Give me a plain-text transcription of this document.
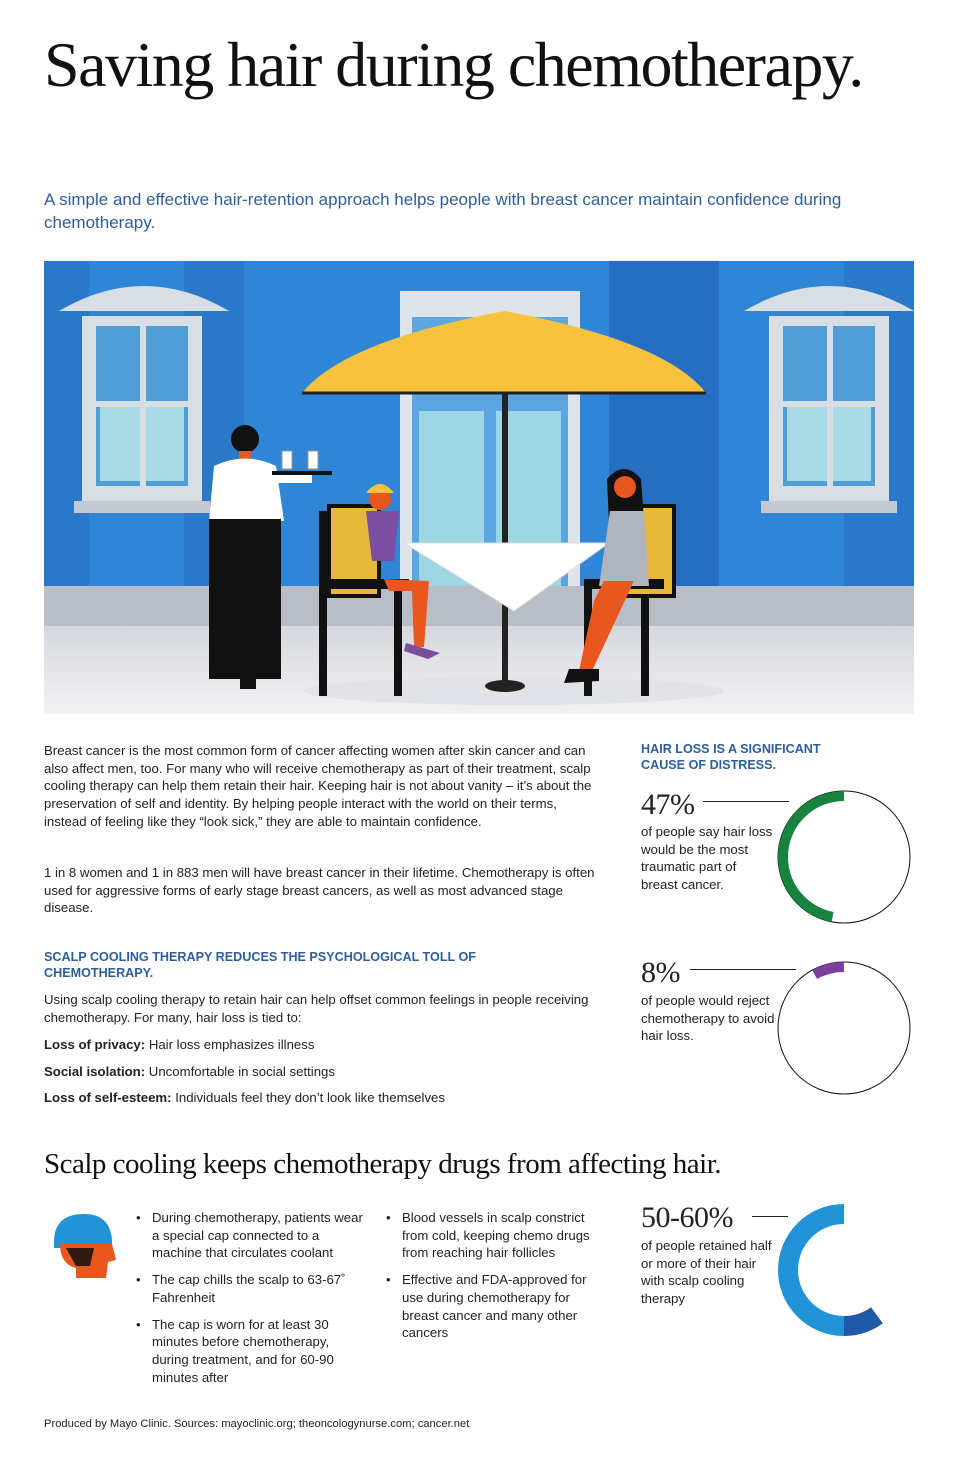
Saving hair during chemotherapy.
A simple and effective hair-retention approach helps people with breast cancer maintain confidence during chemotherapy.
Breast cancer is the most common form of cancer affecting women after skin cancer and can also affect men, too. For many who will receive chemotherapy as part of their treatment, scalp cooling therapy can help them retain their hair. Keeping hair is not about vanity – it’s about the preservation of self and identity. By helping people interact with the world on their terms, instead of feeling like they “look sick,” they are able to maintain confidence.
1 in 8 women and 1 in 883 men will have breast cancer in their lifetime. Chemotherapy is often used for aggressive forms of early stage breast cancers, as well as most advanced stage disease.
SCALP COOLING THERAPY REDUCES THE PSYCHOLOGICAL TOLL OF CHEMOTHERAPY.
Using scalp cooling therapy to retain hair can help offset common feelings in people receiving chemotherapy. For many, hair loss is tied to:
Loss of privacy: Hair loss emphasizes illness
Social isolation: Uncomfortable in social settings
Loss of self-esteem: Individuals feel they don’t look like themselves
HAIR LOSS IS A SIGNIFICANT CAUSE OF DISTRESS.
47%
of people say hair loss would be the most traumatic part of breast cancer.
8%
of people would reject chemotherapy to avoid hair loss.
Scalp cooling keeps chemotherapy drugs from affecting hair.
• During chemotherapy, patients wear a special cap connected to a machine that circulates coolant
• The cap chills the scalp to 63-67˚ Fahrenheit
• The cap is worn for at least 30 minutes before chemotherapy, during treatment, and for 60-90 minutes after
• Blood vessels in scalp constrict from cold, keeping chemo drugs from reaching hair follicles
• Effective and FDA-approved for use during chemotherapy for breast cancer and many other cancers
50-60%
of people retained half or more of their hair with scalp cooling therapy
Produced by Mayo Clinic. Sources: mayoclinic.org; theoncologynurse.com; cancer.net
